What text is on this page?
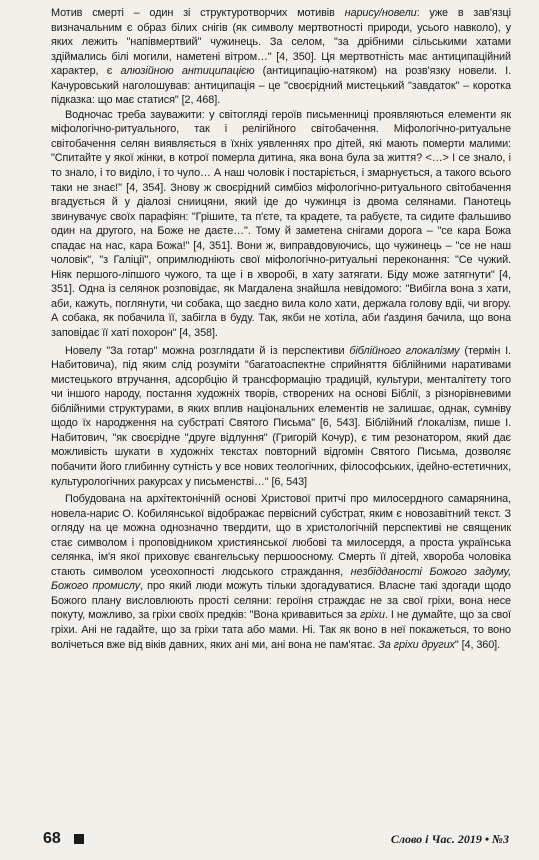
Мотив смерті – один зі структуротворчих мотивів нарису/новели: уже в зав'язці визначальним є образ білих снігів (як символу мертвотності природи, усього навколо), у яких лежить "напівмертвий" чужинець. За селом, "за дрібними сільськими хатами здіймались білі могили, наметені вітром…" [4, 350]. Ця мертвотність має антиципаційний характер, є алюзійною антиципацією (антиципацію-натяком) на розв'язку новели. І. Качуровський наголошував: антиципація – це "своєрідний мистецький "завдаток" – коротка підказка: що має статися" [2, 468].

Водночас треба зауважити: у світогляді героїв письменниці проявляються елементи як міфологічно-ритуального, так і релігійного світобачення. Міфологічно-ритуальне світобачення селян виявляється в їхніх уявленнях про дітей, які мають померти малими: "Спитайте у якої жінки, в котрої померла дитина, яка вона була за життя? <…> І се знало, і то знало, і то виділо, і то чуло… А наш чоловік і постаріється, і змарнується, а такого всього таки не знає!" [4, 354]. Знову ж своєрідний симбіоз міфологічно-ритуального світобачення вгадується й у діалозі сниицяни, який іде до чужинця із двома селянами. Панотець звинувачує своїх парафіян: "Грішите, та п'єте, та крадете, та рабуєте, та сидите фальшиво один на другого, на Боже не даєте…". Тому й заметена снігами дорога – "се кара Божа спадає на нас, кара Божа!" [4, 351]. Вони ж, виправдовуючись, що чужинець – "се не наш чоловік", "з Галіції", опримлюдніють свої міфологічно-ритуальні переконання: "Се чужий. Ніяк першого-ліпшого чужого, та ще і в хворобі, в хату затягати. Біду може затягнути" [4, 351]. Одна із селянок розповідає, як Магдалена знайшла невідомого: "Вибігла вона з хати, аби, кажуть, поглянути, чи собака, що заєдно вила коло хати, держала голову вдіі, чи вгору. А собака, як побачила її, забігла в буду. Так, якби не хотіла, аби ґаздиня бачила, що вона заповідає її хаті похорон" [4, 358].

Новелу "За готар" можна розглядати й із перспективи біблійного глокалізму (термін І. Набитовича), під яким слід розуміти "багатоаспектне сприйняття біблійними наративами мистецького втручання, адсорбцію й трансформацію традицій, культури, менталітету того чи іншого народу, постання художніх творів, створених на основі Біблії, з різнорівневими біблійними структурами, в яких вплив національних елементів не залишає, однак, сумніву щодо їх народження на субстраті Святого Письма" [6, 543]. Біблійний ґлокалізм, пише І. Набитович, "як своєрідне "друге відлуння" (Григорій Кочур), є тим резонатором, який дає можливість шукати в художніх текстах повторний відгомін Святого Письма, дозволяє побачити його глибинну сутність у все нових теологічних, філософських, ідейно-естетичних, культурологічних ракурсах у письменстві…" [6, 543]

Побудована на архітектонічній основі Христової притчі про милосердного самарянина, новела-нарис О. Кобилянської відображає первісний субстрат, яким є новозавітний текст. З огляду на це можна однозначно твердити, що в христологічній перспективі не священик стає символом і проповідником християнської любові та милосердя, а проста українська селянка, ім'я якої приховує євангельську першоосному. Смерть її дітей, хвороба чоловіка стають символом усеохопності людського страждання, незбідданості Божого задуму, Божого промислу, про який люди можуть тільки здогадуватися. Власне такі здогади щодо Божого плану висловлюють прості селяни: героїня страждає не за свої гріхи, вона несе покуту, можливо, за гріхи своїх предків: "Вона кривавиться за гріхи. І не думайте, що за свої гріхи. Ані не гадайте, що за гріхи тата або мами. Ні. Так як воно в неї покажеться, то воно волічеться вже від віків давних, яких ані ми, ані вона не пам'ятає. За гріхи других" [4, 360].

68	Слово і Час. 2019 • №3
